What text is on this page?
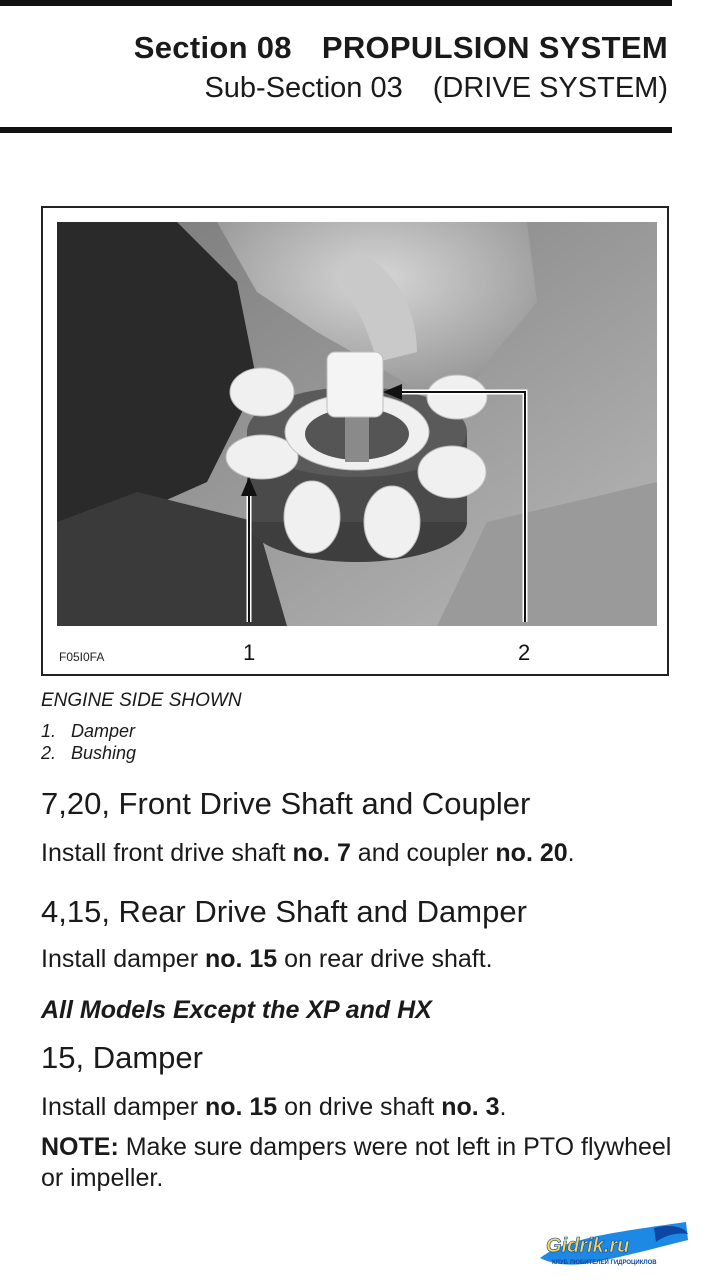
Section 08 PROPULSION SYSTEM
Sub-Section 03 (DRIVE SYSTEM)
1	2
F05I0FA
ENGINE SIDE SHOWN
1. Damper
2. Bushing
7,20, Front Drive Shaft and Coupler
Install front drive shaft no. 7 and coupler no. 20.
4,15, Rear Drive Shaft and Damper
Install damper no. 15 on rear drive shaft.
All Models Except the XP and HX
15, Damper
Install damper no. 15 on drive shaft no. 3.
NOTE: Make sure dampers were not left in PTO flywheel or impeller.
Gidrik.ru
КЛУБ ЛЮБИТЕЛЕЙ ГИДРОЦИКЛОВ
